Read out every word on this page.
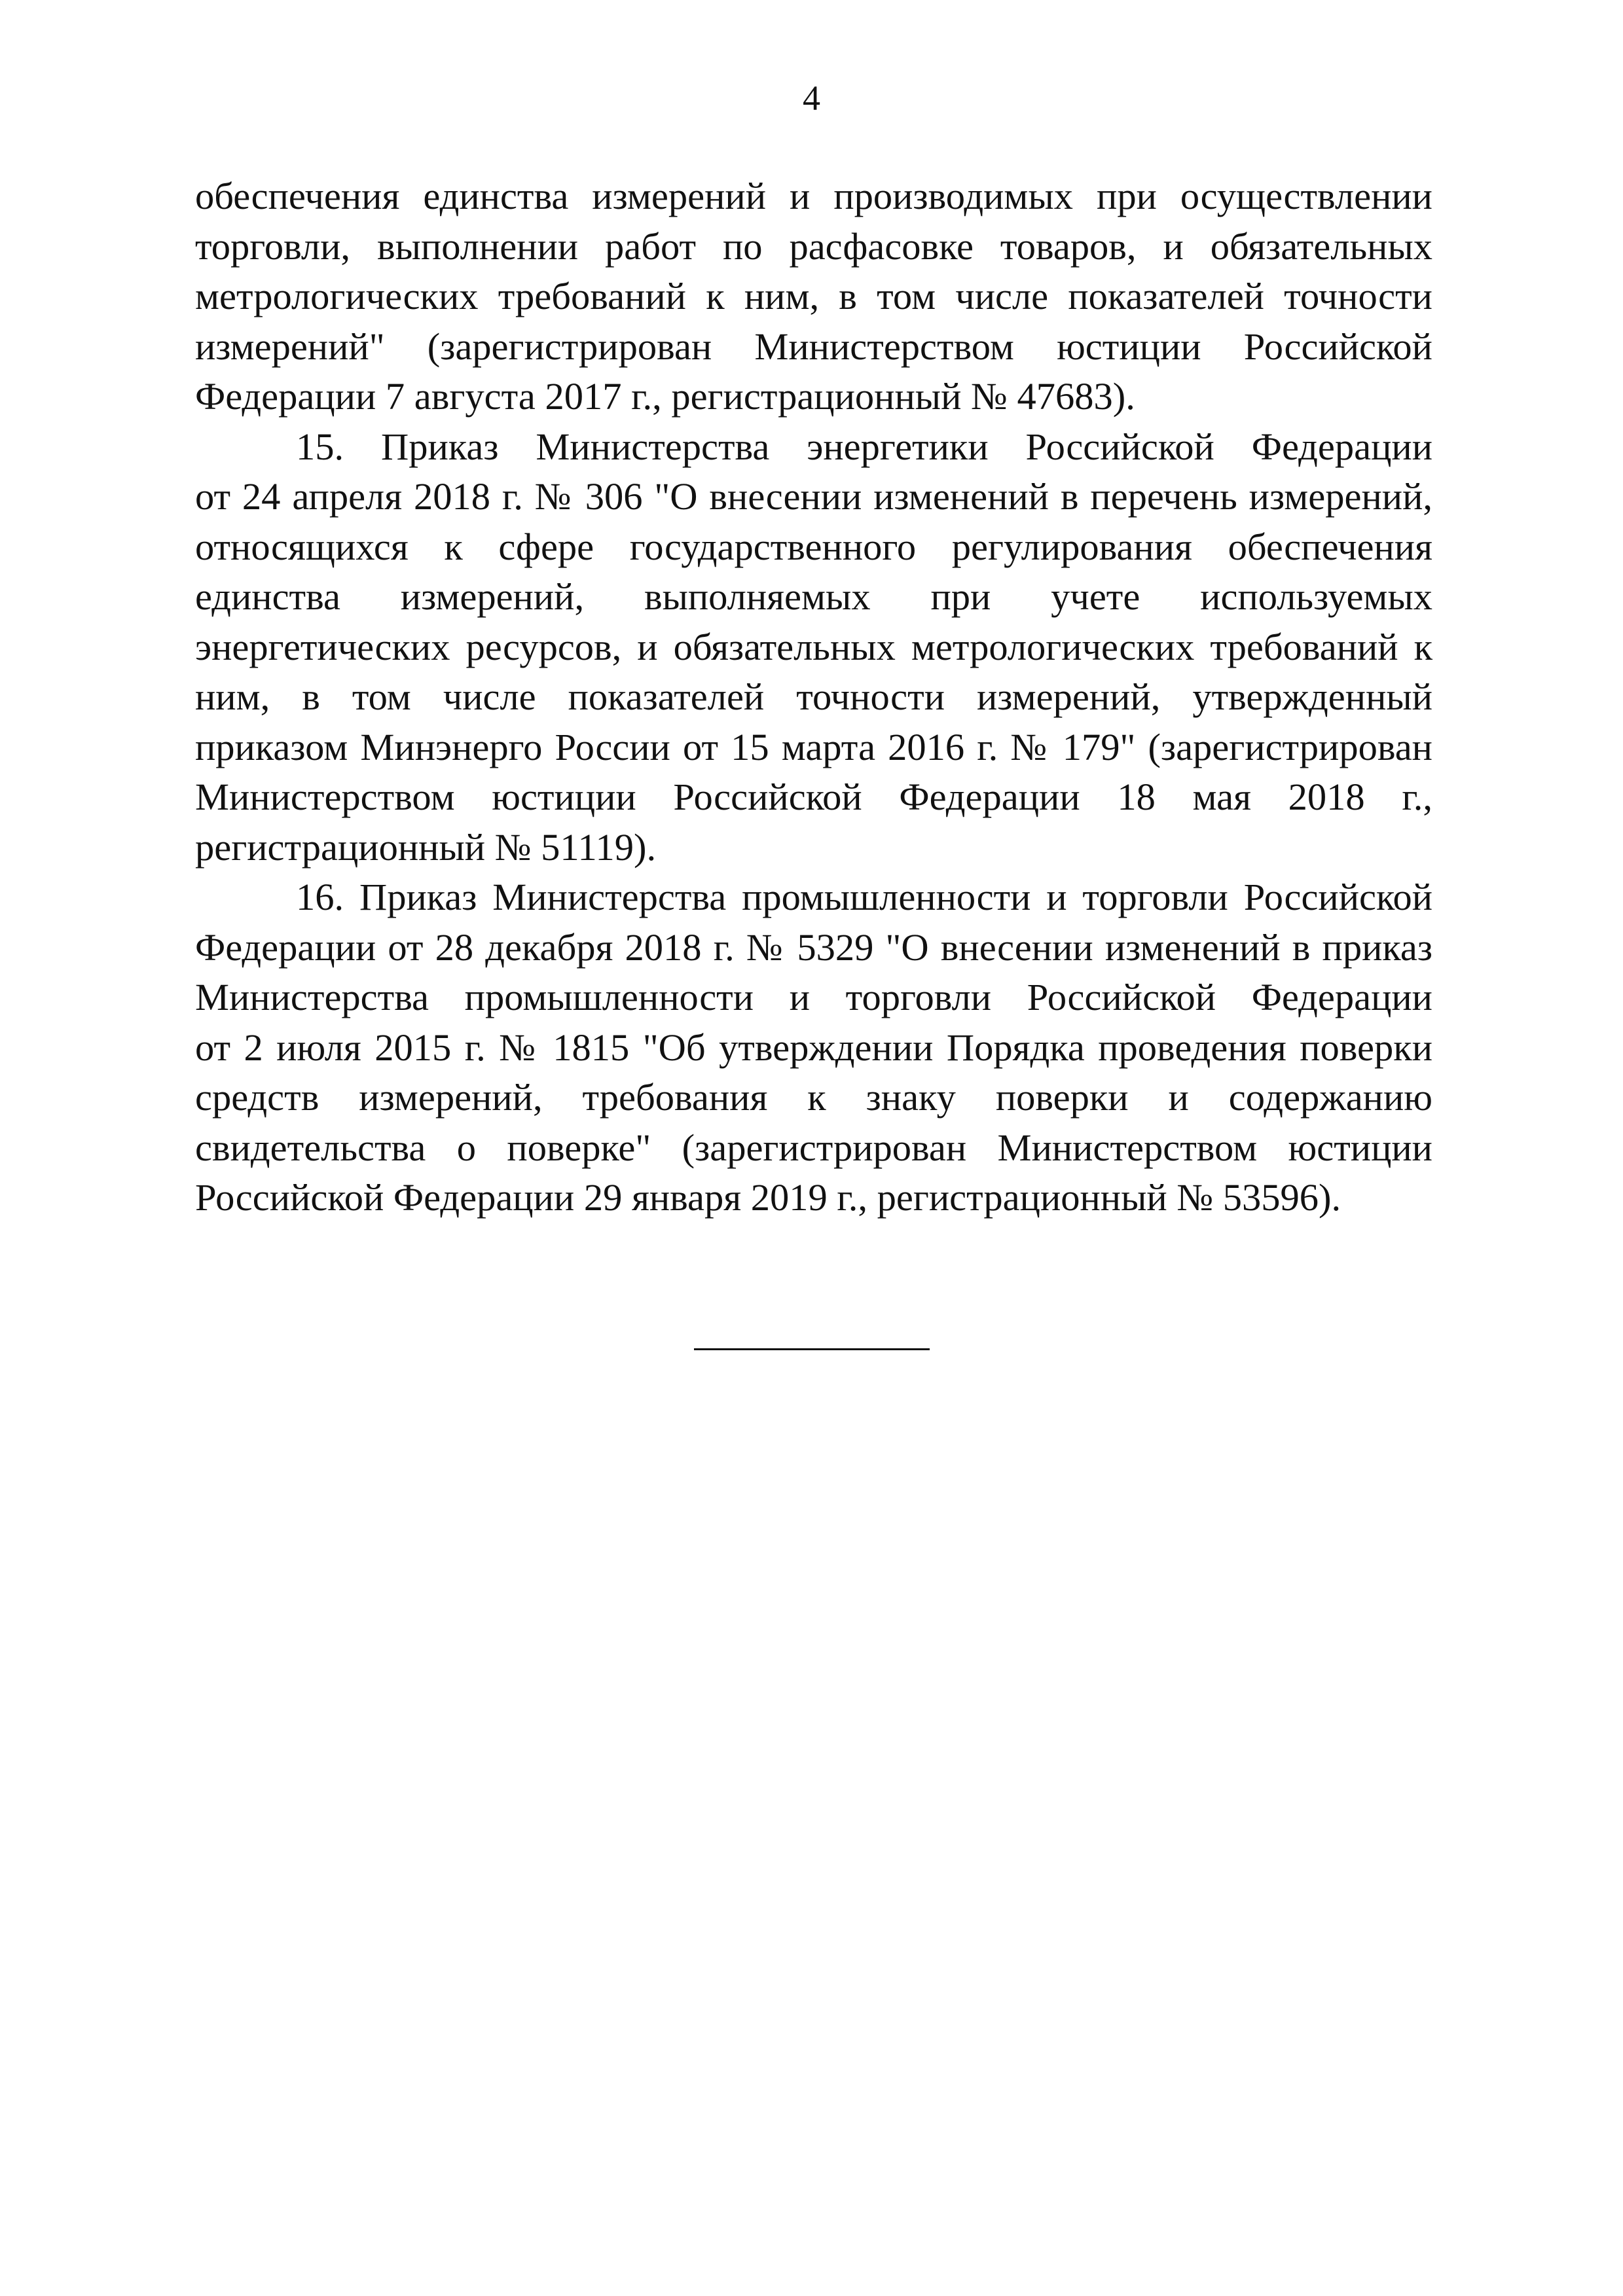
4
обеспечения единства измерений и производимых при осуществлении
торговли, выполнении работ по расфасовке товаров, и обязательных
метрологических требований к ним, в том числе показателей точности
измерений" (зарегистрирован Министерством юстиции Российской
Федерации 7 августа 2017 г., регистрационный № 47683).
15. Приказ Министерства энергетики Российской Федерации
от 24 апреля 2018 г. № 306 "О внесении изменений в перечень измерений,
относящихся к сфере государственного регулирования обеспечения
единства измерений, выполняемых при учете используемых
энергетических ресурсов, и обязательных метрологических требований к
ним, в том числе показателей точности измерений, утвержденный
приказом Минэнерго России от 15 марта 2016 г. № 179" (зарегистрирован
Министерством юстиции Российской Федерации 18 мая 2018 г.,
регистрационный № 51119).
16. Приказ Министерства промышленности и торговли Российской
Федерации от 28 декабря 2018 г. № 5329 "О внесении изменений в приказ
Министерства промышленности и торговли Российской Федерации
от 2 июля 2015 г. № 1815 "Об утверждении Порядка проведения поверки
средств измерений, требования к знаку поверки и содержанию
свидетельства о поверке" (зарегистрирован Министерством юстиции
Российской Федерации 29 января 2019 г., регистрационный № 53596).
